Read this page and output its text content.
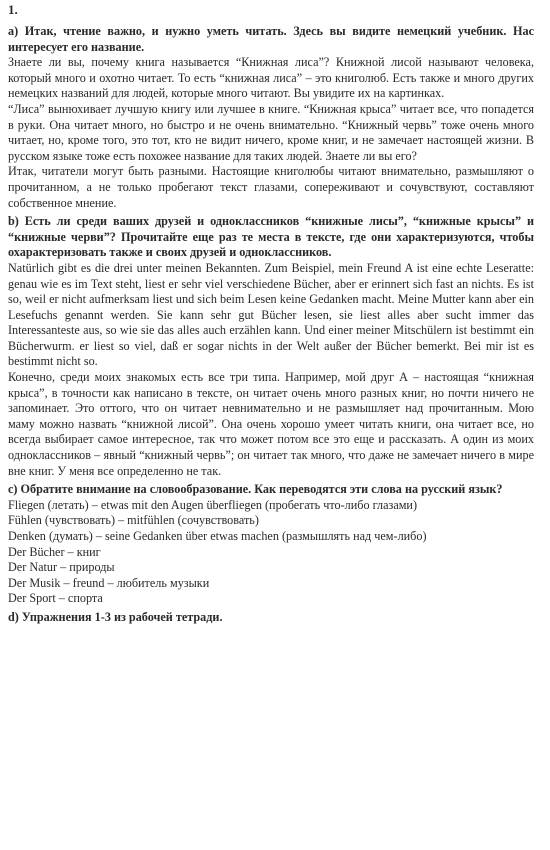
1.
a) Итак, чтение важно, и нужно уметь читать. Здесь вы видите немецкий учебник. Нас интересует его название.
Знаете ли вы, почему книга называется “Книжная лиса”? Книжной лисой называют человека, который много и охотно читает. То есть “книжная лиса” – это книголюб. Есть также и много других немецких названий для людей, которые много читают. Вы увидите их на картинках.
“Лиса” вынюхивает лучшую книгу или лучшее в книге. “Книжная крыса” читает все, что попадется в руки. Она читает много, но быстро и не очень внимательно. “Книжный червь” тоже очень много читает, но, кроме того, это тот, кто не видит ничего, кроме книг, и не замечает настоящей жизни. В русском языке тоже есть похожее название для таких людей. Знаете ли вы его?
Итак, читатели могут быть разными. Настоящие книголюбы читают внимательно, размышляют о прочитанном, а не только пробегают текст глазами, сопереживают и сочувствуют, составляют собственное мнение.
b) Есть ли среди ваших друзей и одноклассников “книжные лисы”, “книжные крысы” и “книжные черви”? Прочитайте еще раз те места в тексте, где они характеризуются, чтобы охарактеризовать также и своих друзей и одноклассников.
Natürlich gibt es die drei unter meinen Bekannten. Zum Beispiel, mein Freund A ist eine echte Leseratte: genau wie es im Text steht, liest er sehr viel verschiedene Bücher, aber er erinnert sich fast an nichts. Es ist so, weil er nicht aufmerksam liest und sich beim Lesen keine Gedanken macht. Meine Mutter kann aber ein Lesefuchs genannt werden. Sie kann sehr gut Bücher lesen, sie liest alles aber sucht immer das Interessanteste aus, so wie sie das alles auch erzählen kann. Und einer meiner Mitschülern ist bestimmt ein Bücherwurm. er liest so viel, daß er sogar nichts in der Welt außer der Bücher bemerkt. Bei mir ist es bestimmt nicht so.
Конечно, среди моих знакомых есть все три типа. Например, мой друг А – настоящая “книжная крыса”, в точности как написано в тексте, он читает очень много разных книг, но почти ничего не запоминает. Это оттого, что он читает невнимательно и не размышляет над прочитанным. Мою маму можно назвать “книжной лисой”. Она очень хорошо умеет читать книги, она читает все, но всегда выбирает самое интересное, так что может потом все это еще и рассказать. А один из моих одноклассников – явный “книжный червь”; он читает так много, что даже не замечает ничего в мире вне книг. У меня все определенно не так.
c) Обратите внимание на словообразование. Как переводятся эти слова на русский язык?
Fliegen (летать) – etwas mit den Augen überfliegen (пробегать что-либо глазами)
Fühlen (чувствовать) – mitfühlen (сочувствовать)
Denken (думать) – seine Gedanken über etwas machen (размышлять над чем-либо)
Der Bücher – книг
Der Natur – природы
Der Musik – freund – любитель музыки
Der Sport – спорта
d) Упражнения 1-3 из рабочей тетради.
